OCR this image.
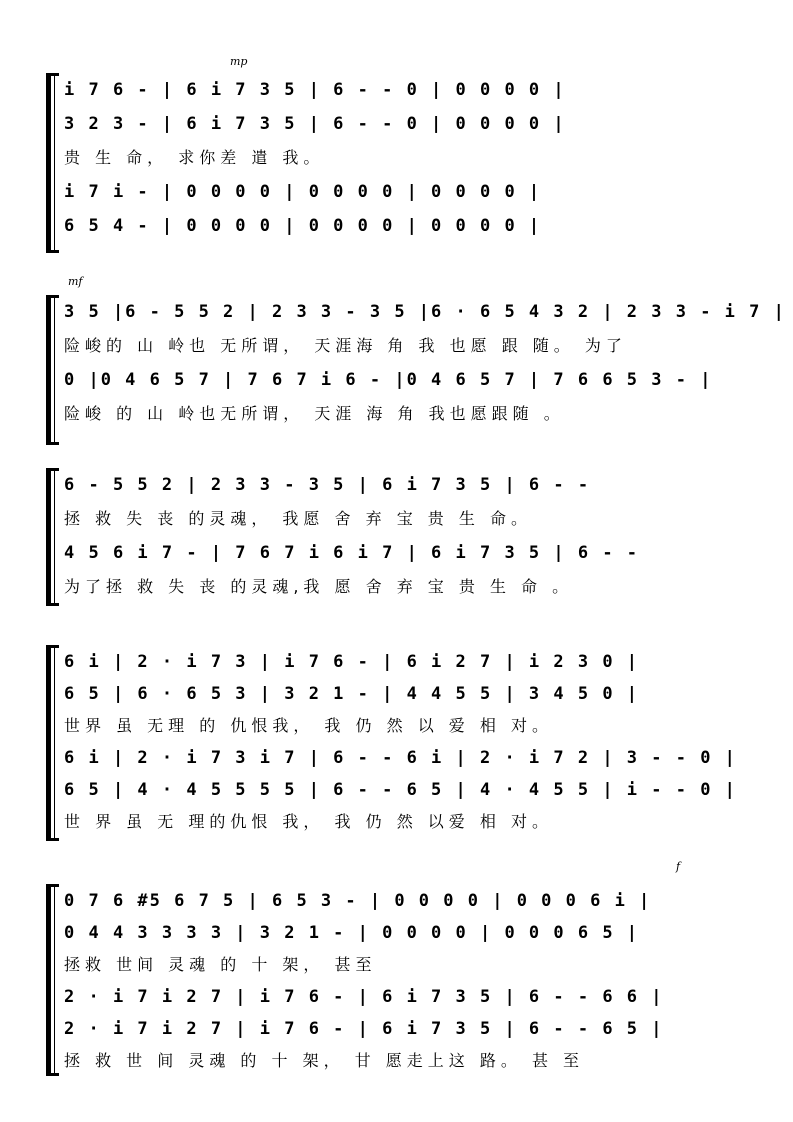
mp
i 7 6 - | 6 i 7 3 5 | 6 - - 0 | 0 0 0 0 |
3 2 3 - | 6 i 7 3 5 | 6 - - 0 | 0 0 0 0 |
贵 生 命， 求你差 遣 我。
i 7 i - | 0 0 0 0 | 0 0 0 0 | 0 0 0 0 |
6 5 4 - | 0 0 0 0 | 0 0 0 0 | 0 0 0 0 |
mf
3 5 |6 - 5 5 2 | 2 3 3 - 3 5 |6 · 6 5 4 3 2 | 2 3 3 - i 7 |
险峻的 山 岭也 无所谓， 天涯海 角 我 也愿 跟 随。 为了
0 |0 4 6 5 7 | 7 6 7 i 6 - |0 4 6 5 7 | 7 6 6 5 3 - |
险峻 的 山 岭也无所谓， 天涯 海 角 我也愿跟随 。
6 - 5 5 2 | 2 3 3 - 3 5 | 6 i 7 3 5 | 6 - -
拯 救 失 丧 的灵魂， 我愿 舍 弃 宝 贵 生 命。
4 5 6 i 7 - | 7 6 7 i 6 i 7 | 6 i 7 3 5 | 6 - -
为了拯 救 失 丧 的灵魂,我 愿 舍 弃 宝 贵 生 命 。
6 i | 2 · i 7 3 | i 7 6 - | 6 i 2 7 | i 2 3 0 |
6 5 | 6 · 6 5 3 | 3 2 1 - | 4 4 5 5 | 3 4 5 0 |
世界 虽 无理 的 仇恨我， 我 仍 然 以 爱 相 对。
6 i | 2 · i 7 3 i 7 | 6 - - 6 i | 2 · i 7 2 | 3 - - 0 |
6 5 | 4 · 4 5 5 5 5 | 6 - - 6 5 | 4 · 4 5 5 | i - - 0 |
世 界 虽 无 理的仇恨 我， 我 仍 然 以爱 相 对。
f
0 7 6 #5 6 7 5 | 6 5 3 - | 0 0 0 0 | 0 0 0 6 i |
0 4 4 3 3 3 3 | 3 2 1 - | 0 0 0 0 | 0 0 0 6 5 |
拯救 世间 灵魂 的 十 架， 甚至
2 · i 7 i 2 7 | i 7 6 - | 6 i 7 3 5 | 6 - - 6 6 |
2 · i 7 i 2 7 | i 7 6 - | 6 i 7 3 5 | 6 - - 6 5 |
拯 救 世 间 灵魂 的 十 架， 甘 愿走上这 路。 甚 至
